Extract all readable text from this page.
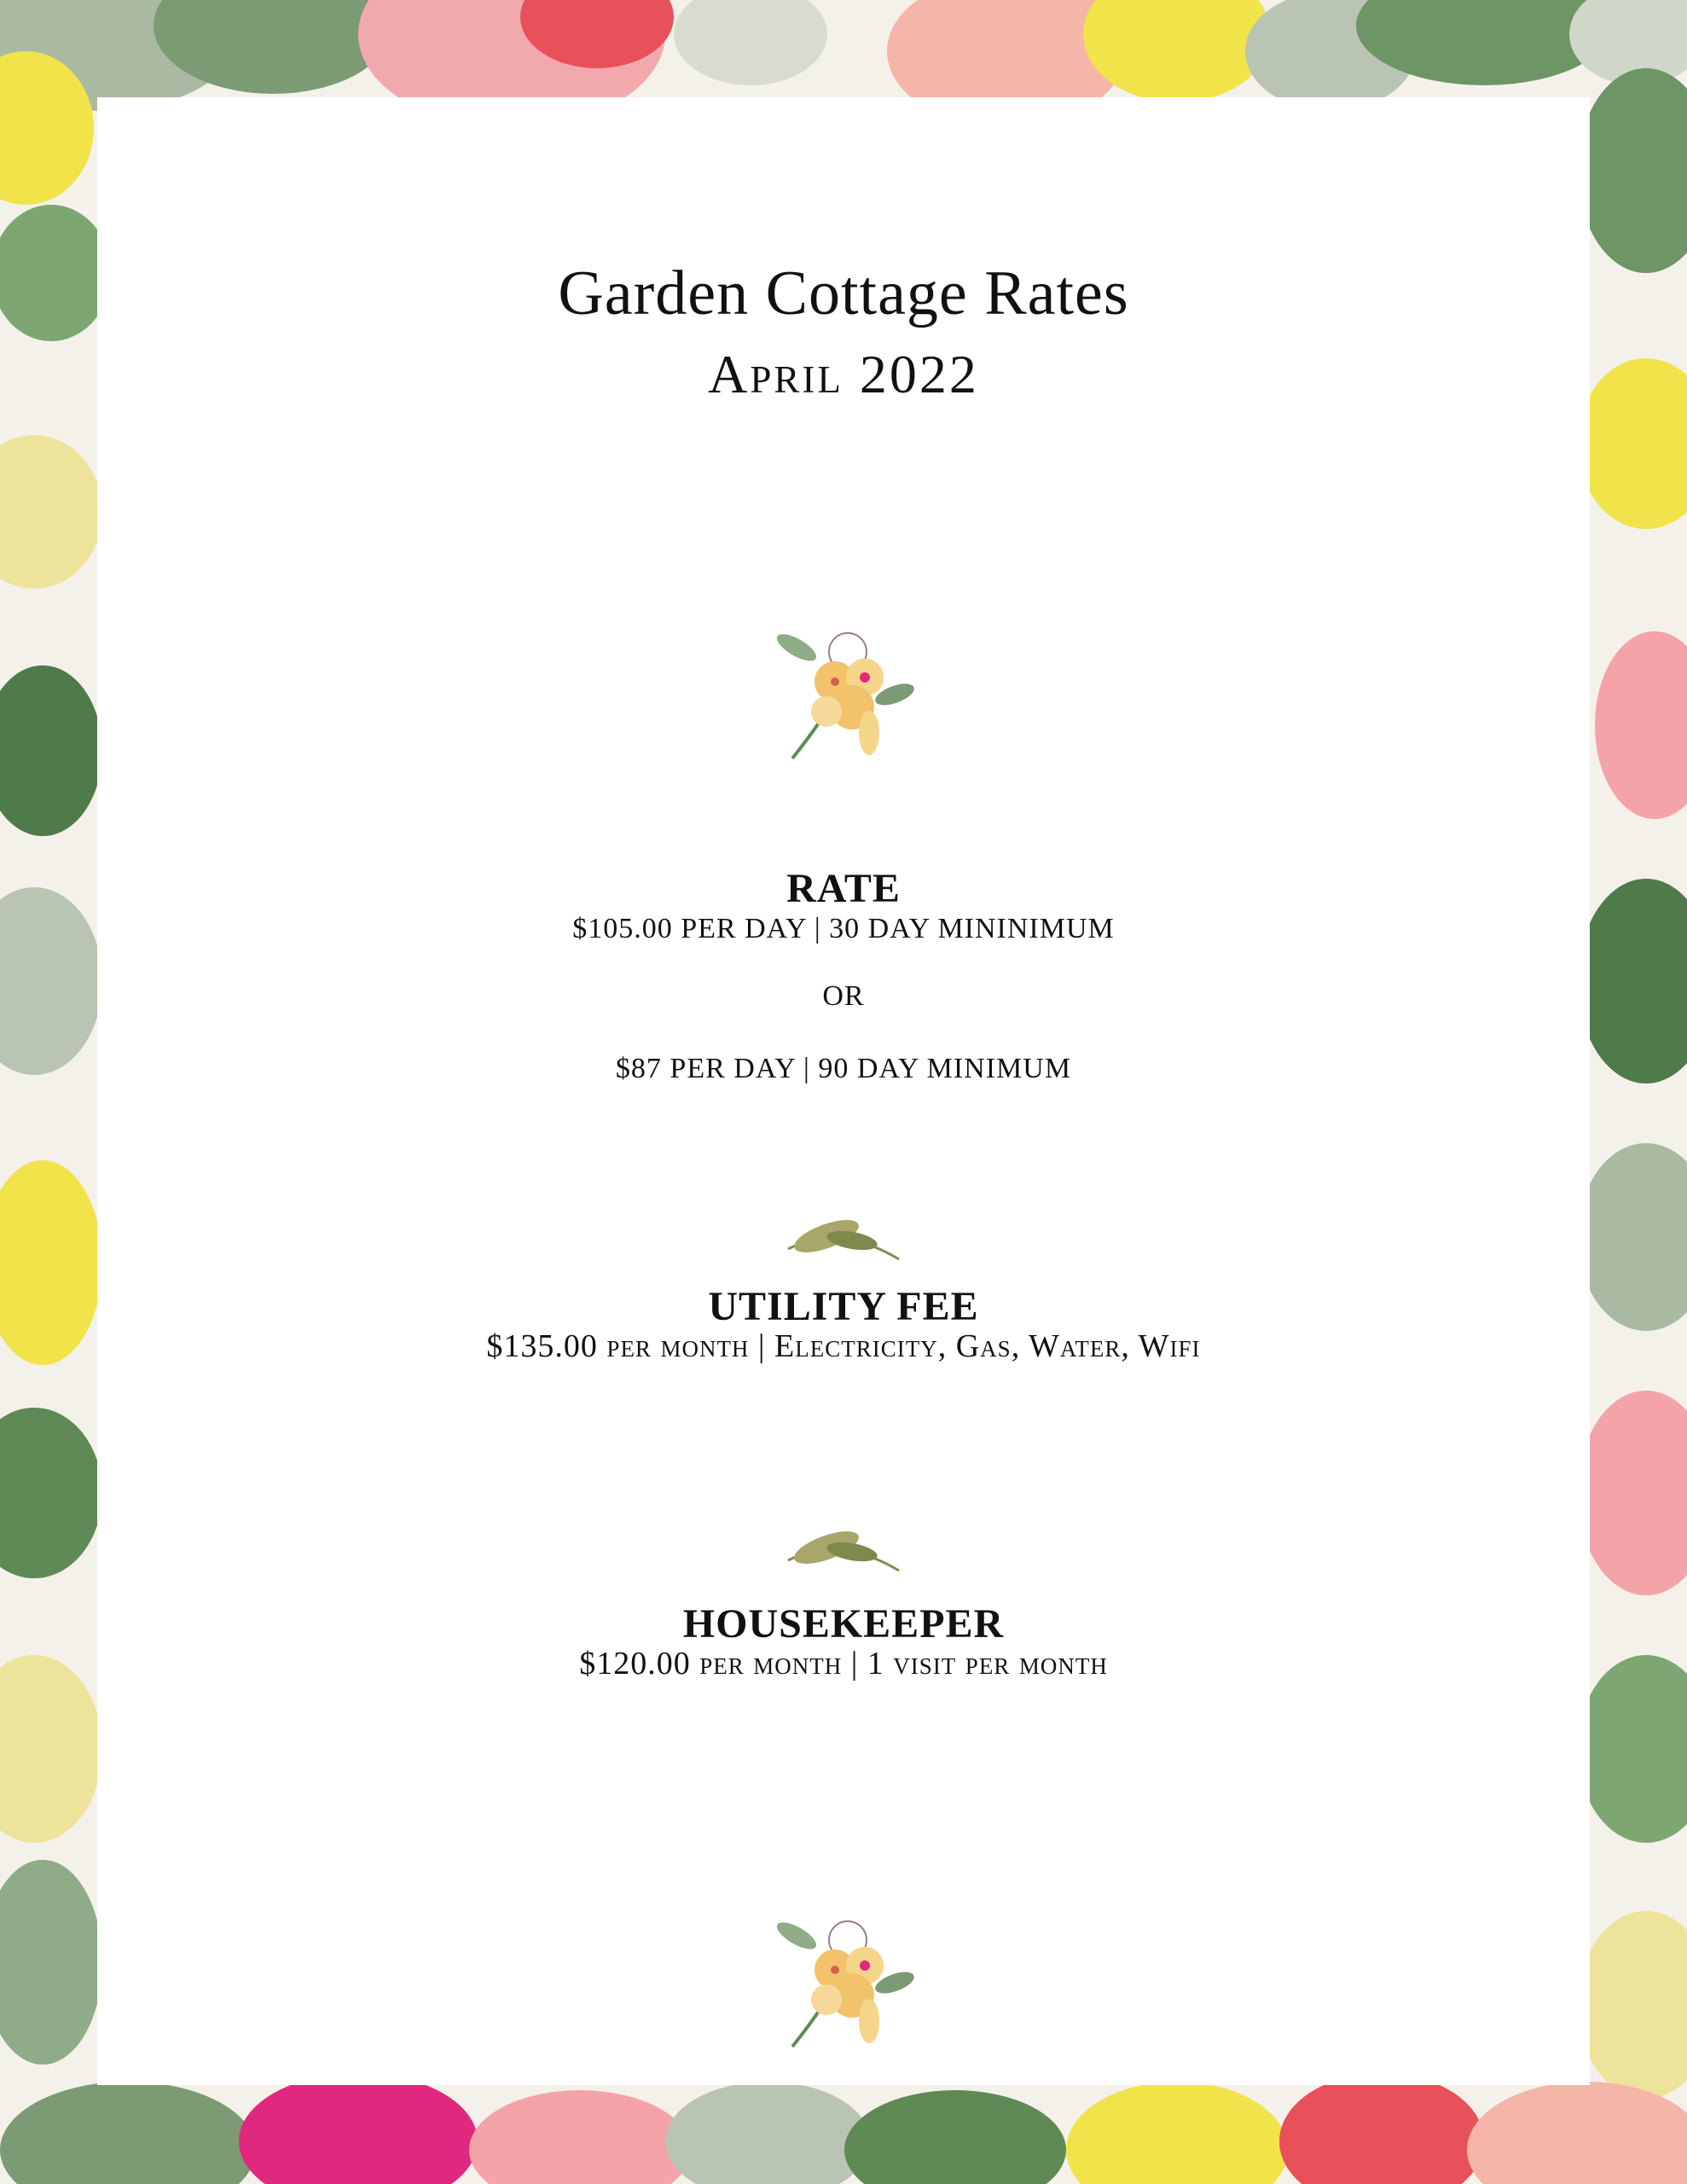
Garden Cottage Rates
April 2022
RATE
$105.00 PER DAY | 30 DAY MININIMUM
OR
$87 PER DAY | 90 DAY MINIMUM
UTILITY FEE
$135.00 per month | Electricity, Gas, Water, Wifi
HOUSEKEEPER
$120.00 per month | 1 visit per month
